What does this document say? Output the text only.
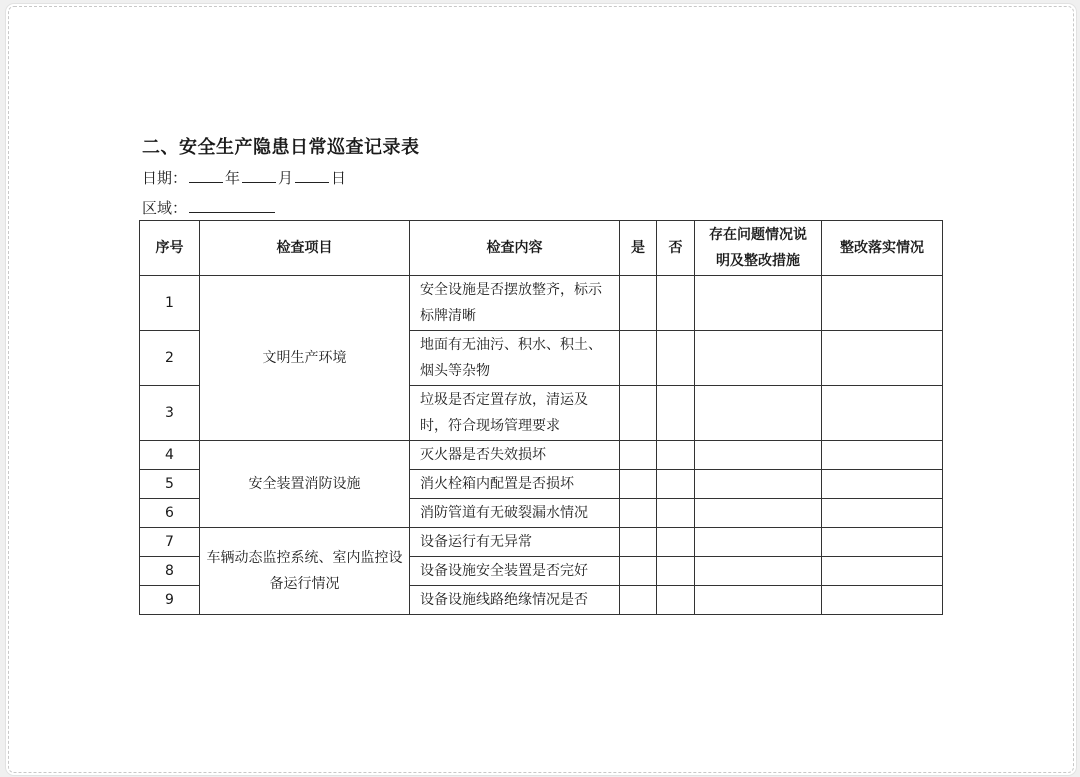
二、安全生产隐患日常巡查记录表
日期：	年	月	日
区域：
序号	检查项目	检查内容	是	否	存在问题情况说明及整改措施	整改落实情况
1	文明生产环境	安全设施是否摆放整齐，标示标牌清晰				
2		地面有无油污、积水、积土、烟头等杂物				
3		垃圾是否定置存放，清运及时，符合现场管理要求				
4	安全装置消防设施	灭火器是否失效损坏				
5		消火栓箱内配置是否损坏				
6		消防管道有无破裂漏水情况				
7	车辆动态监控系统、室内监控设备运行情况	设备运行有无异常				
8		设备设施安全装置是否完好				
9		设备设施线路绝缘情况是否				
